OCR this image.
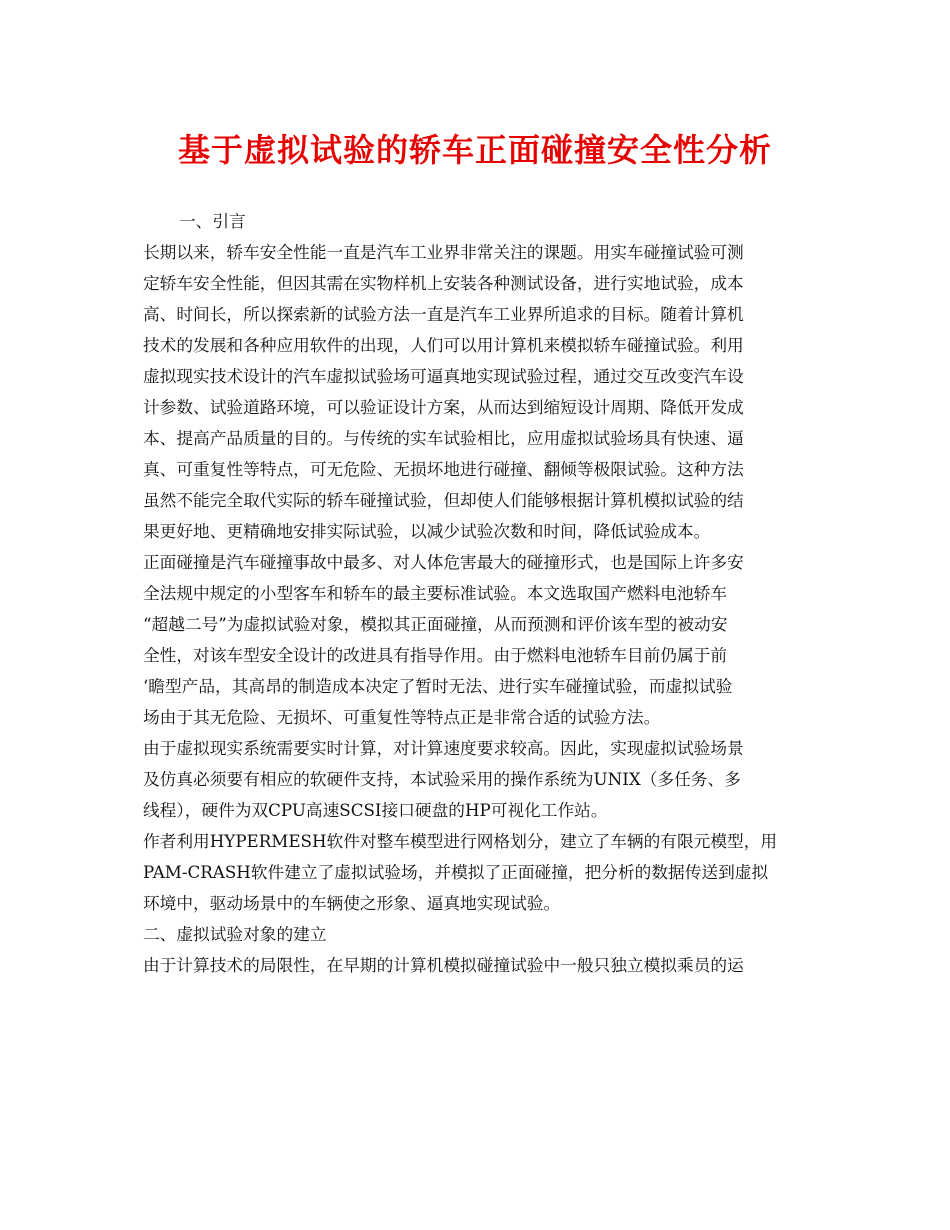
基于虚拟试验的轿车正面碰撞安全性分析

一、引言

长期以来，轿车安全性能一直是汽车工业界非常关注的课题。用实车碰撞试验可测
定轿车安全性能，但因其需在实物样机上安装各种测试设备，进行实地试验，成本
高、时间长，所以探索新的试验方法一直是汽车工业界所追求的目标。随着计算机
技术的发展和各种应用软件的出现，人们可以用计算机来模拟轿车碰撞试验。利用
虚拟现实技术设计的汽车虚拟试验场可逼真地实现试验过程，通过交互改变汽车设
计参数、试验道路环境，可以验证设计方案，从而达到缩短设计周期、降低开发成
本、提高产品质量的目的。与传统的实车试验相比，应用虚拟试验场具有快速、逼
真、可重复性等特点，可无危险、无损坏地进行碰撞、翻倾等极限试验。这种方法
虽然不能完全取代实际的轿车碰撞试验，但却使人们能够根据计算机模拟试验的结
果更好地、更精确地安排实际试验，以减少试验次数和时间，降低试验成本。

正面碰撞是汽车碰撞事故中最多、对人体危害最大的碰撞形式，也是国际上许多安
全法规中规定的小型客车和轿车的最主要标准试验。本文选取国产燃料电池轿车
“超越二号”为虚拟试验对象，模拟其正面碰撞，从而预测和评价该车型的被动安
全性，对该车型安全设计的改进具有指导作用。由于燃料电池轿车目前仍属于前
‘瞻型产品，其高昂的制造成本决定了暂时无法、进行实车碰撞试验，而虚拟试验
场由于其无危险、无损坏、可重复性等特点正是非常合适的试验方法。

由于虚拟现实系统需要实时计算，对计算速度要求较高。因此，实现虚拟试验场景
及仿真必须要有相应的软硬件支持，本试验采用的操作系统为UNIX（多任务、多
线程），硬件为双CPU高速SCSI接口硬盘的HP可视化工作站。

作者利用HYPERMESH软件对整车模型进行网格划分，建立了车辆的有限元模型，用
PAM-CRASH软件建立了虚拟试验场，并模拟了正面碰撞，把分析的数据传送到虚拟
环境中，驱动场景中的车辆使之形象、逼真地实现试验。

二、虚拟试验对象的建立

由于计算技术的局限性，在早期的计算机模拟碰撞试验中一般只独立模拟乘员的运
